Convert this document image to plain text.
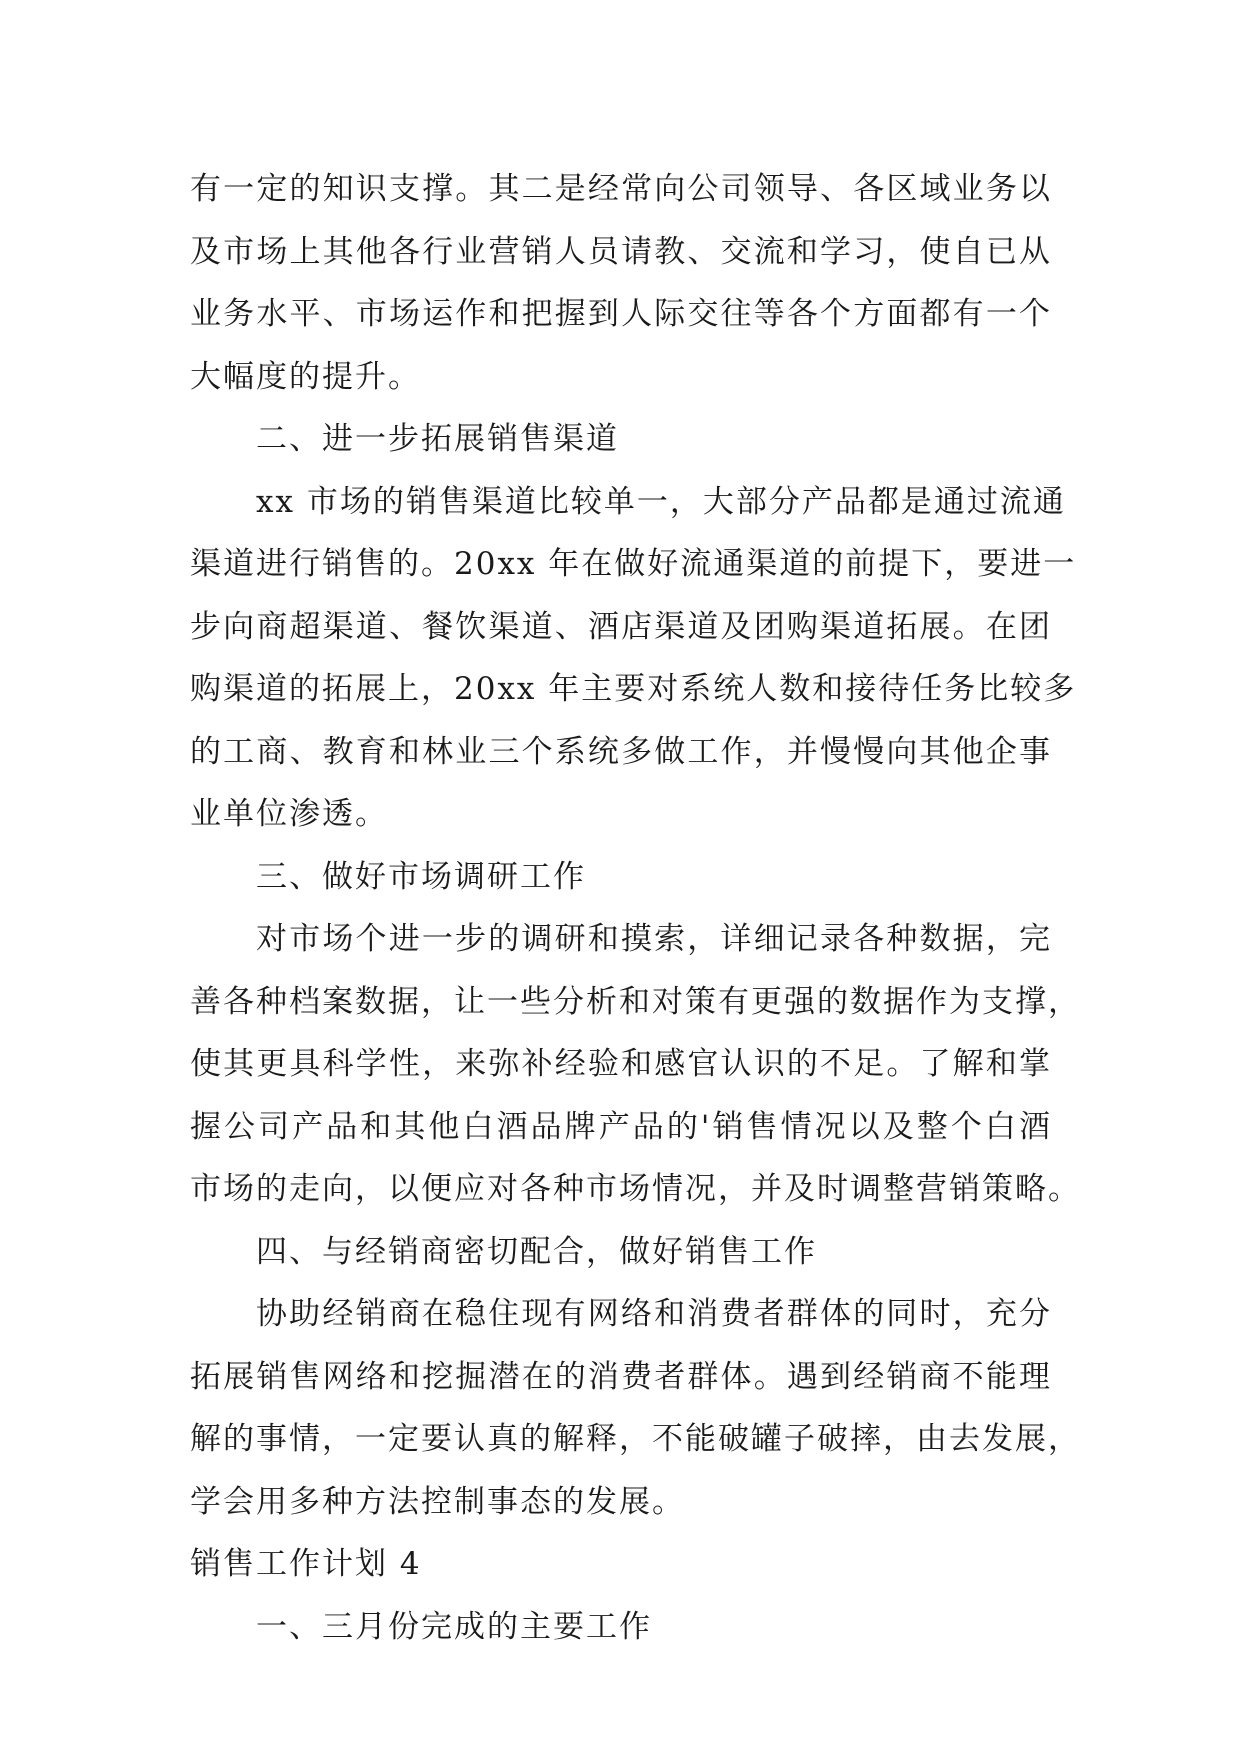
有一定的知识支撑。其二是经常向公司领导、各区域业务以
及市场上其他各行业营销人员请教、交流和学习，使自已从
业务水平、市场运作和把握到人际交往等各个方面都有一个
大幅度的提升。
二、进一步拓展销售渠道
xx 市场的销售渠道比较单一，大部分产品都是通过流通
渠道进行销售的。20xx 年在做好流通渠道的前提下，要进一
步向商超渠道、餐饮渠道、酒店渠道及团购渠道拓展。在团
购渠道的拓展上，20xx 年主要对系统人数和接待任务比较多
的工商、教育和林业三个系统多做工作，并慢慢向其他企事
业单位渗透。
三、做好市场调研工作
对市场个进一步的调研和摸索，详细记录各种数据，完
善各种档案数据，让一些分析和对策有更强的数据作为支撑，
使其更具科学性，来弥补经验和感官认识的不足。了解和掌
握公司产品和其他白酒品牌产品的'销售情况以及整个白酒
市场的走向，以便应对各种市场情况，并及时调整营销策略。
四、与经销商密切配合，做好销售工作
协助经销商在稳住现有网络和消费者群体的同时，充分
拓展销售网络和挖掘潜在的消费者群体。遇到经销商不能理
解的事情，一定要认真的解释，不能破罐子破摔，由去发展，
学会用多种方法控制事态的发展。
销售工作计划 4
一、三月份完成的主要工作
